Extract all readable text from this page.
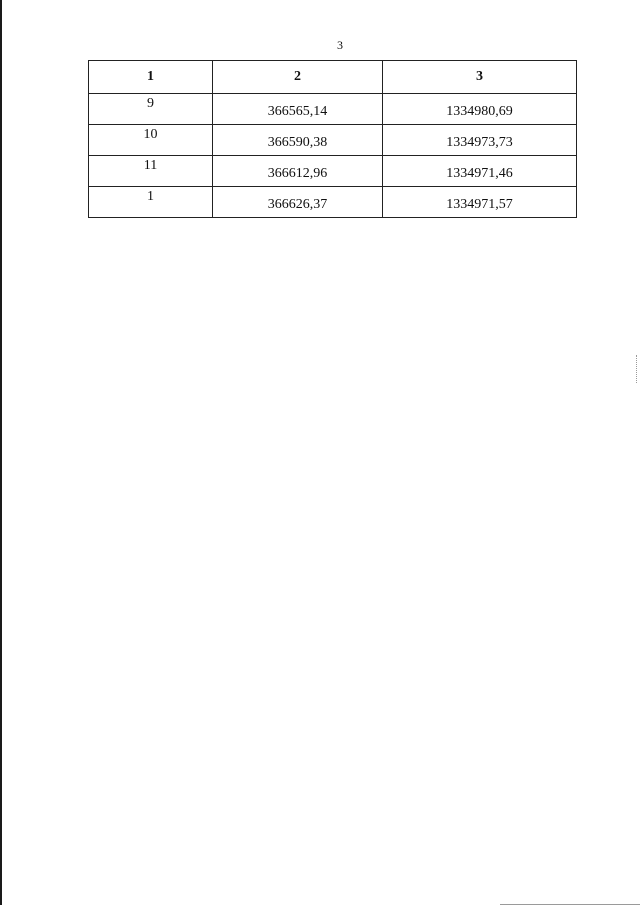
3
1	2	3

9	366565,14	1334980,69

10	366590,38	1334973,73

11	366612,96	1334971,46

1	366626,37	1334971,57
